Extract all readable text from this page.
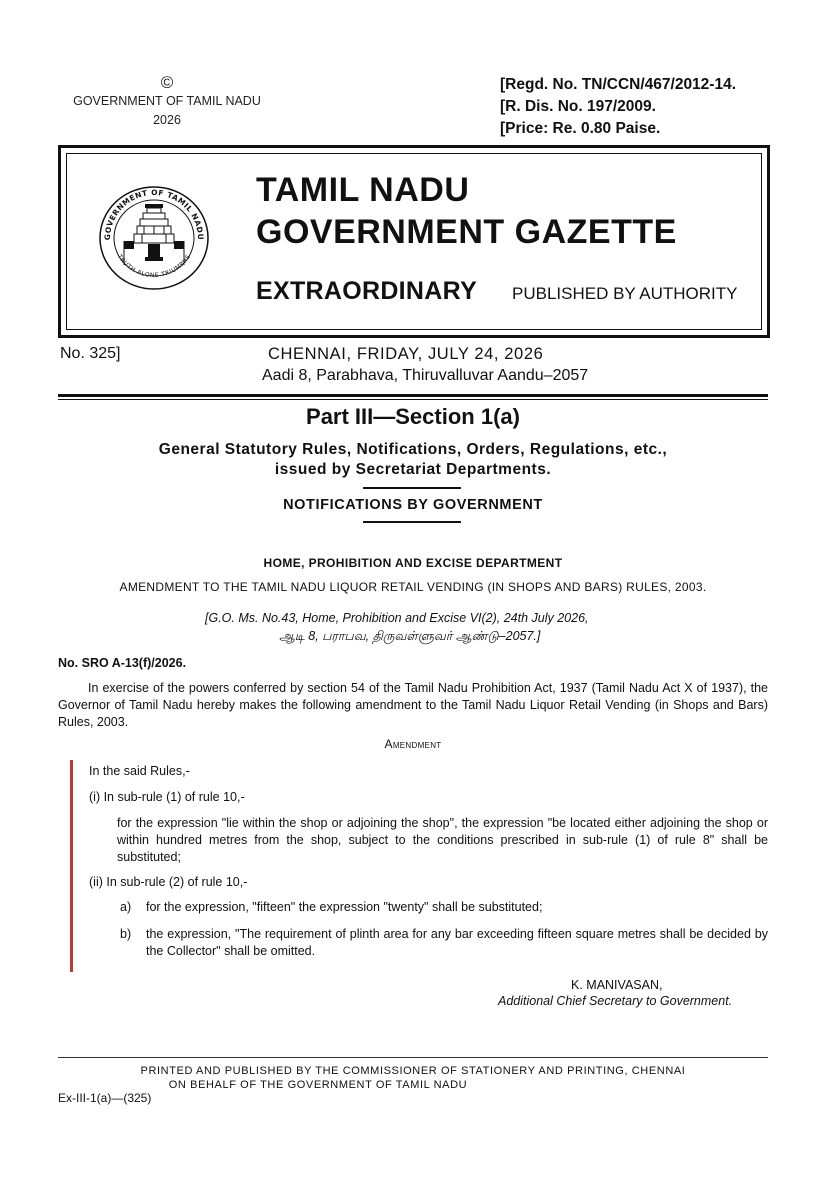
©
GOVERNMENT OF TAMIL NADU
2026
[Regd. No. TN/CCN/467/2012-14.
[R. Dis. No. 197/2009.
[Price: Re. 0.80 Paise.
GOVERNMENT OF TAMIL NADU
TRUTH ALONE TRIUMPHS
TAMIL NADU
GOVERNMENT GAZETTE
EXTRAORDINARY PUBLISHED BY AUTHORITY
No. 325]	CHENNAI, FRIDAY, JULY 24, 2026
Aadi 8, Parabhava, Thiruvalluvar Aandu–2057
Part III—Section 1(a)
General Statutory Rules, Notifications, Orders, Regulations, etc.,
issued by Secretariat Departments.
NOTIFICATIONS BY GOVERNMENT
HOME, PROHIBITION AND EXCISE DEPARTMENT
AMENDMENT TO THE TAMIL NADU LIQUOR RETAIL VENDING (IN SHOPS AND BARS) RULES, 2003.
[G.O. Ms. No.43, Home, Prohibition and Excise VI(2), 24th July 2026,
ஆடி 8, பராபவ, திருவள்ளுவர் ஆண்டு–2057.]
No. SRO A-13(f)/2026.
In exercise of the powers conferred by section 54 of the Tamil Nadu Prohibition Act, 1937 (Tamil Nadu Act X of 1937), the Governor of Tamil Nadu hereby makes the following amendment to the Tamil Nadu Liquor Retail Vending (in Shops and Bars) Rules, 2003.
Amendment
In the said Rules,-
(i) In sub-rule (1) of rule 10,-
for the expression "lie within the shop or adjoining the shop", the expression "be located either adjoining the shop or within hundred metres from the shop, subject to the conditions prescribed in sub-rule (1) of rule 8" shall be substituted;
(ii) In sub-rule (2) of rule 10,-
a) for the expression, "fifteen" the expression "twenty" shall be substituted;
b) the expression, "The requirement of plinth area for any bar exceeding fifteen square metres shall be decided by the Collector" shall be omitted.
K. MANIVASAN,
Additional Chief Secretary to Government.
PRINTED AND PUBLISHED BY THE COMMISSIONER OF STATIONERY AND PRINTING, CHENNAI
ON BEHALF OF THE GOVERNMENT OF TAMIL NADU
Ex-III-1(a)—(325)
